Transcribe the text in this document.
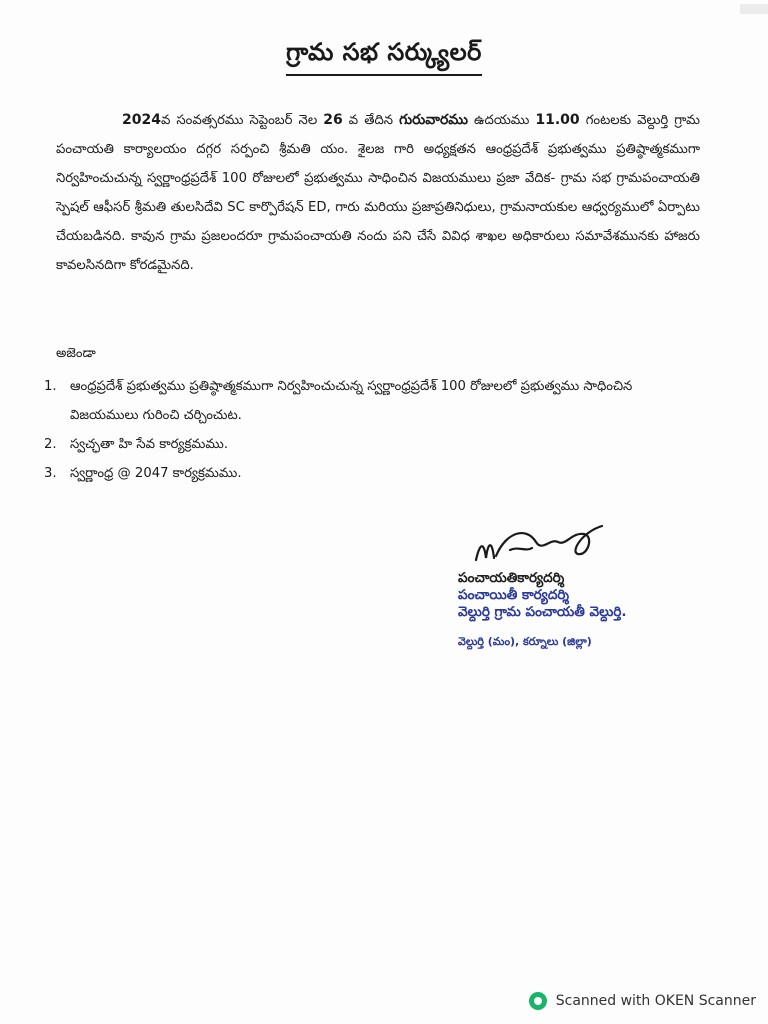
గ్రామ సభ సర్క్యులర్
2024వ సంవత్సరము సెప్టెంబర్ నెల 26 వ తేదిన గురువారము ఉదయము 11.00 గంటలకు వెల్దుర్తి గ్రామ పంచాయతి కార్యాలయం దగ్గర సర్పంచి శ్రీమతి యం. శైలజ గారి అధ్యక్షతన ఆంధ్రప్రదేశ్ ప్రభుత్వము ప్రతిష్ఠాత్మకముగా నిర్వహించుచున్న స్వర్ణాంధ్రప్రదేశ్ 100 రోజులలో ప్రభుత్వము సాధించిన విజయములు ప్రజా వేదిక- గ్రామ సభ గ్రామపంచాయతి స్పెషల్ ఆఫీసర్ శ్రీమతి తులసిదేవి SC కార్పొరేషన్ ED, గారు మరియు ప్రజాప్రతినిధులు, గ్రామనాయకుల ఆధ్వర్యములో ఏర్పాటు చేయబడినది. కావున గ్రామ ప్రజలందరూ గ్రామపంచాయతి నందు పని చేసే వివిధ శాఖల అధికారులు సమావేశమునకు హాజరు కావలసినదిగా కోరడమైనది.
అజెండా
1. ఆంధ్రప్రదేశ్ ప్రభుత్వము ప్రతిష్ఠాత్మకముగా నిర్వహించుచున్న స్వర్ణాంధ్రప్రదేశ్ 100 రోజులలో ప్రభుత్వము సాధించిన విజయములు గురించి చర్చించుట.
2. స్వచ్ఛతా హి సేవ కార్యక్రమము.
3. స్వర్ణాంధ్ర @ 2047 కార్యక్రమము.
పంచాయతికార్యదర్శి
పంచాయితీ కార్యదర్శి
వెల్దుర్తి గ్రామ పంచాయతీ వెల్దుర్తి.
వెల్దుర్తి (మం), కర్నూలు (జిల్లా)
Scanned with OKEN Scanner
